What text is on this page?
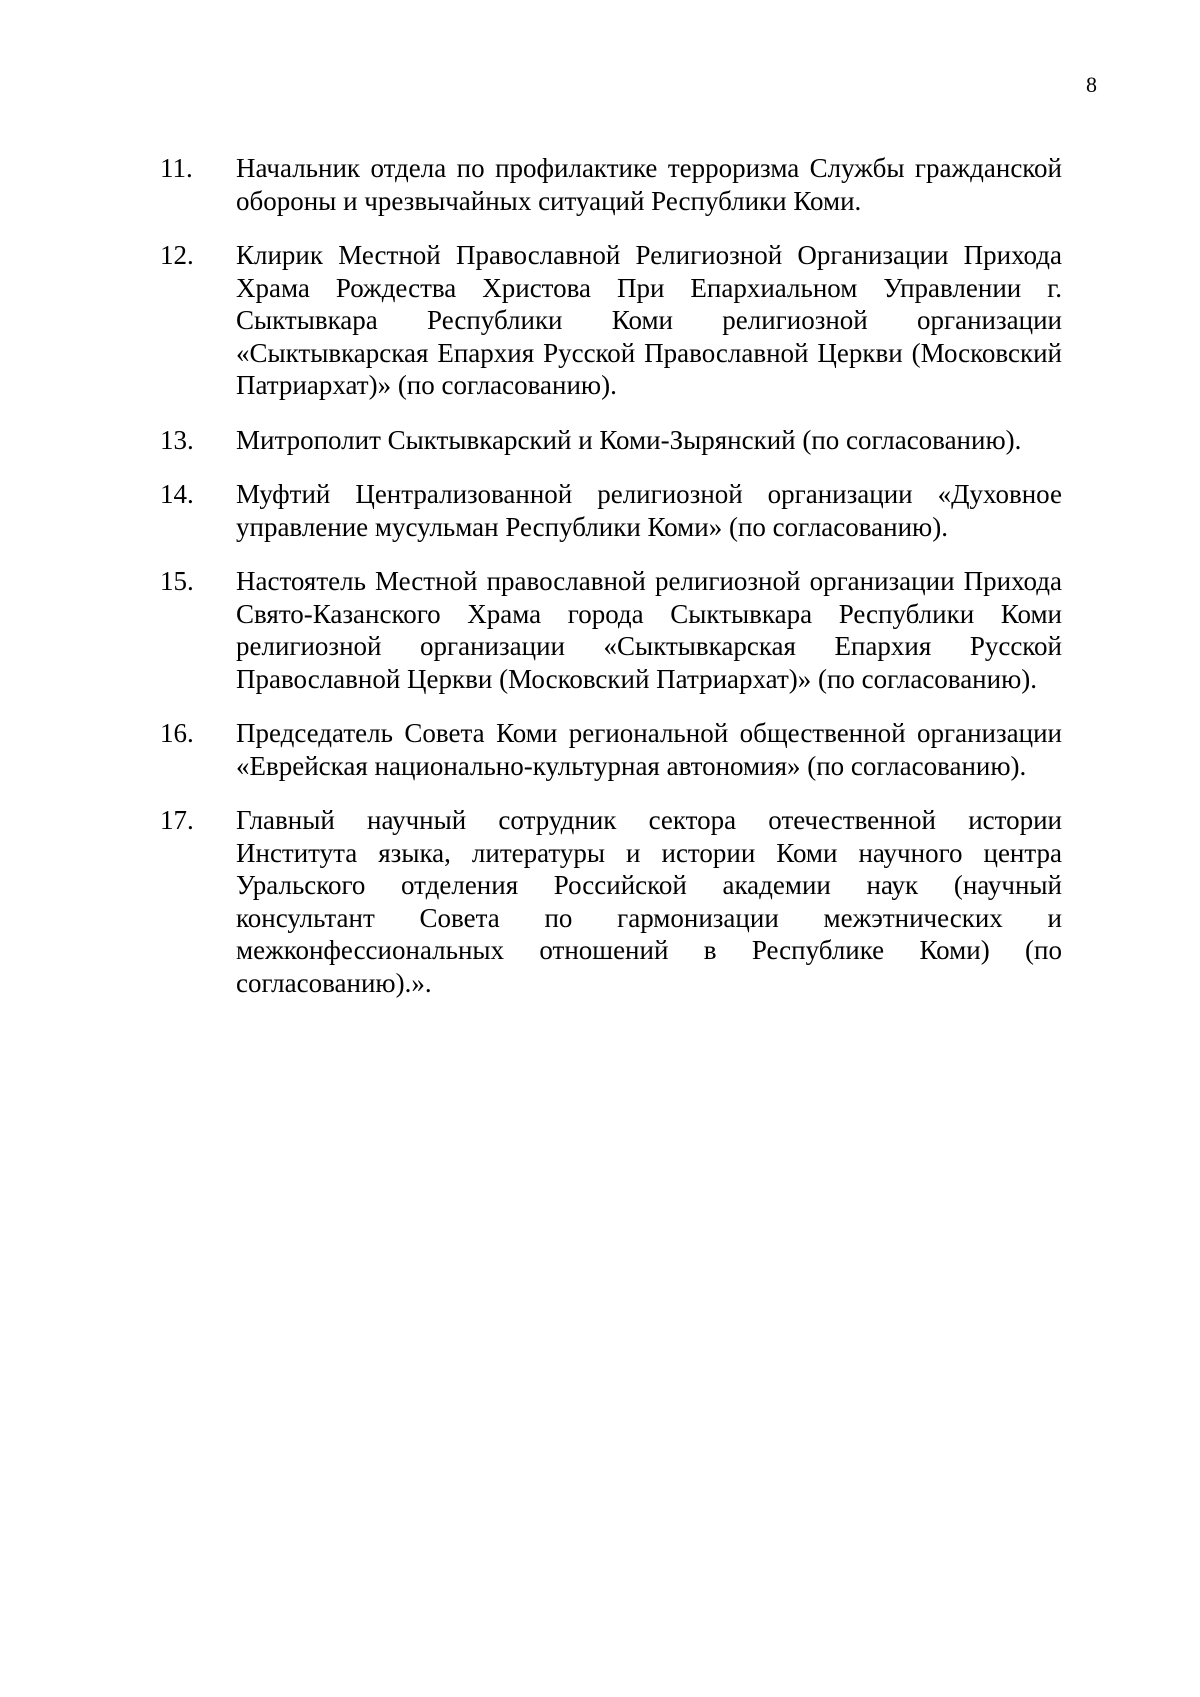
8
11.	Начальник отдела по профилактике терроризма Службы гражданской обороны и чрезвычайных ситуаций Республики Коми.
12.	Клирик Местной Православной Религиозной Организации Прихода Храма Рождества Христова При Епархиальном Управлении г. Сыктывкара Республики Коми религиозной организации «Сыктывкарская Епархия Русской Православной Церкви (Московский Патриархат)» (по согласованию).
13.	Митрополит Сыктывкарский и Коми-Зырянский (по согласованию).
14.	Муфтий Централизованной религиозной организации «Духовное управление мусульман Республики Коми» (по согласованию).
15.	Настоятель Местной православной религиозной организации Прихода Свято-Казанского Храма города Сыктывкара Республики Коми религиозной организации «Сыктывкарская Епархия Русской Православной Церкви (Московский Патриархат)» (по согласованию).
16.	Председатель Совета Коми региональной общественной организации «Еврейская национально-культурная автономия» (по согласованию).
17.	Главный научный сотрудник сектора отечественной истории Института языка, литературы и истории Коми научного центра Уральского отделения Российской академии наук (научный консультант Совета по гармонизации межэтнических и межконфессиональных отношений в Республике Коми) (по согласованию).».
